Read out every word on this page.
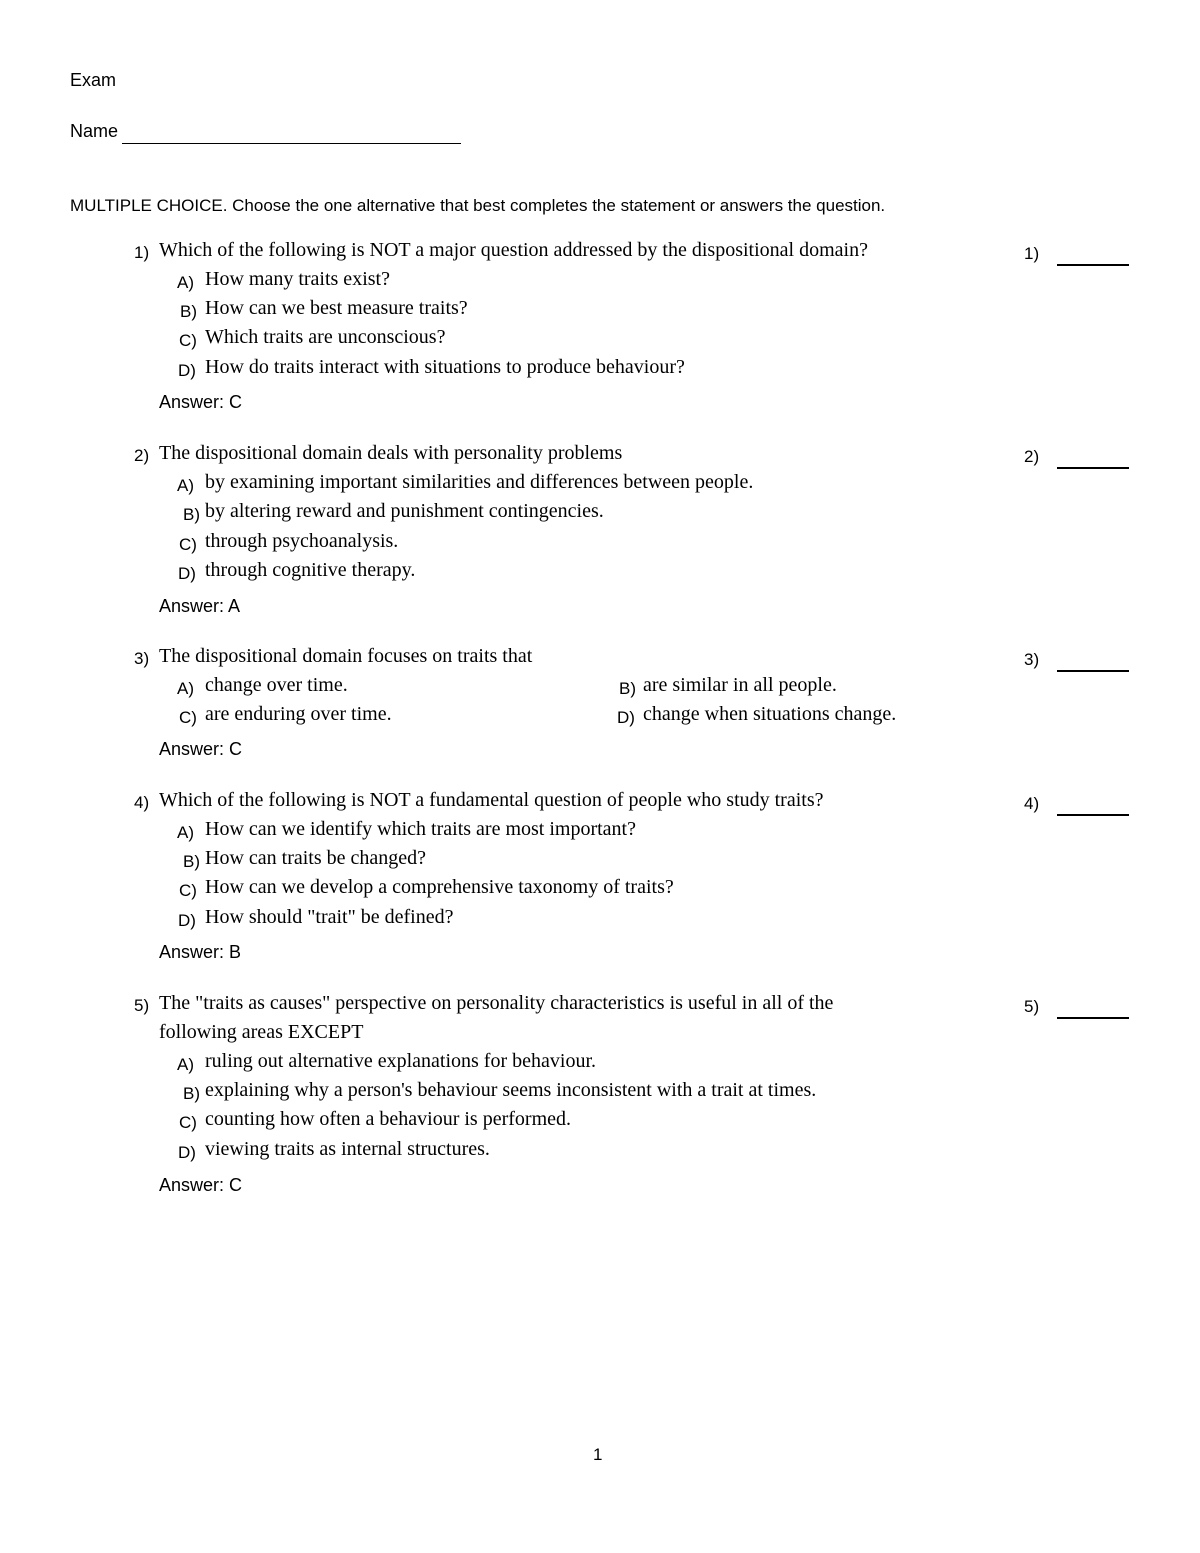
Exam
Name
MULTIPLE CHOICE. Choose the one alternative that best completes the statement or answers the question.
1) Which of the following is NOT a major question addressed by the dispositional domain?
A) How many traits exist?
B) How can we best measure traits?
C) Which traits are unconscious?
D) How do traits interact with situations to produce behaviour?
Answer: C
1)
2) The dispositional domain deals with personality problems
A) by examining important similarities and differences between people.
B) by altering reward and punishment contingencies.
C) through psychoanalysis.
D) through cognitive therapy.
Answer: A
2)
3) The dispositional domain focuses on traits that
A) change over time.	B) are similar in all people.
C) are enduring over time.	D) change when situations change.
Answer: C
3)
4) Which of the following is NOT a fundamental question of people who study traits?
A) How can we identify which traits are most important?
B) How can traits be changed?
C) How can we develop a comprehensive taxonomy of traits?
D) How should "trait" be defined?
Answer: B
4)
5) The "traits as causes" perspective on personality characteristics is useful in all of the
following areas EXCEPT
A) ruling out alternative explanations for behaviour.
B) explaining why a person's behaviour seems inconsistent with a trait at times.
C) counting how often a behaviour is performed.
D) viewing traits as internal structures.
Answer: C
5)
1
